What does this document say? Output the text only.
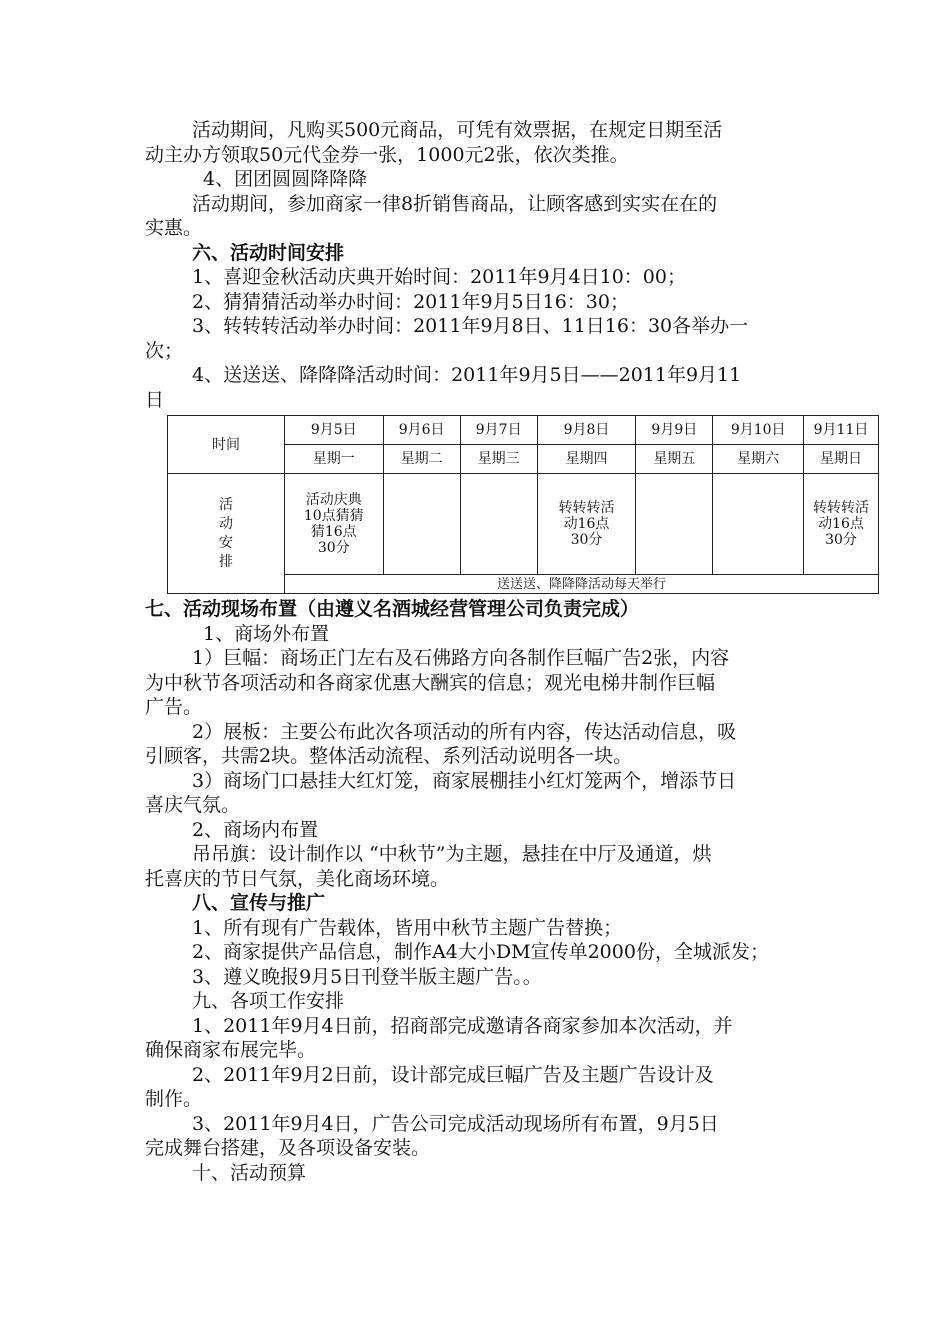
活动期间，凡购买500元商品，可凭有效票据，在规定日期至活

动主办方领取50元代金券一张，1000元2张，依次类推。

4、团团圆圆降降降

活动期间，参加商家一律8折销售商品，让顾客感到实实在在的

实惠。

六、活动时间安排

1、喜迎金秋活动庆典开始时间：2011年9月4日10：00；

2、猜猜猜活动举办时间：2011年9月5日16：30；

3、转转转活动举办时间：2011年9月8日、11日16：30各举办一

次；

4、送送送、降降降活动时间：2011年9月5日——2011年9月11

日

时间	9月5日	9月6日	9月7日	9月8日	9月9日	9月10日	9月11日
	星期一	星期二	星期三	星期四	星期五	星期六	星期日

活
动
安
排	活动庆典10点猜猜猜16点30分			转转转活动16点30分			转转转活动16点30分

	送送送、降降降活动每天举行						

七、活动现场布置（由遵义名酒城经营管理公司负责完成）

1、商场外布置

1）巨幅：商场正门左右及石佛路方向各制作巨幅广告2张，内容

为中秋节各项活动和各商家优惠大酬宾的信息；观光电梯井制作巨幅

广告。

2）展板：主要公布此次各项活动的所有内容，传达活动信息，吸

引顾客，共需2块。整体活动流程、系列活动说明各一块。

3）商场门口悬挂大红灯笼，商家展棚挂小红灯笼两个，增添节日

喜庆气氛。

2、商场内布置

吊吊旗：设计制作以 “中秋节”为主题，悬挂在中厅及通道，烘

托喜庆的节日气氛，美化商场环境。

八、宣传与推广

1、所有现有广告载体，皆用中秋节主题广告替换；

2、商家提供产品信息，制作A4大小DM宣传单2000份，全城派发；

3、遵义晚报9月5日刊登半版主题广告。。

九、各项工作安排

1、2011年9月4日前，招商部完成邀请各商家参加本次活动，并

确保商家布展完毕。

2、2011年9月2日前，设计部完成巨幅广告及主题广告设计及

制作。

3、2011年9月4日，广告公司完成活动现场所有布置，9月5日

完成舞台搭建，及各项设备安装。

十、活动预算
